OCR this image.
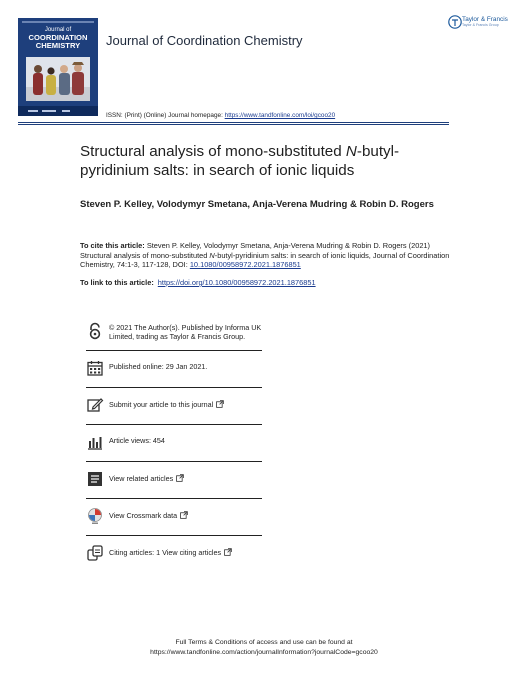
Journal of
COORDINATION
CHEMISTRY	Journal of Coordination Chemistry
Taylor & Francis
Taylor & Francis Group
ISSN: (Print) (Online) Journal homepage: https://www.tandfonline.com/loi/gcoo20
Structural analysis of mono-substituted N-butyl-pyridinium salts: in search of ionic liquids
Steven P. Kelley, Volodymyr Smetana, Anja-Verena Mudring & Robin D. Rogers
To cite this article: Steven P. Kelley, Volodymyr Smetana, Anja-Verena Mudring & Robin D. Rogers (2021) Structural analysis of mono-substituted N-butyl-pyridinium salts: in search of ionic liquids, Journal of Coordination Chemistry, 74:1-3, 117-128, DOI: 10.1080/00958972.2021.1876851
To link to this article: https://doi.org/10.1080/00958972.2021.1876851
© 2021 The Author(s). Published by Informa UK Limited, trading as Taylor & Francis Group.
Published online: 29 Jan 2021.
Submit your article to this journal
Article views: 454
View related articles
View Crossmark data
Citing articles: 1 View citing articles
Full Terms & Conditions of access and use can be found at
https://www.tandfonline.com/action/journalInformation?journalCode=gcoo20
